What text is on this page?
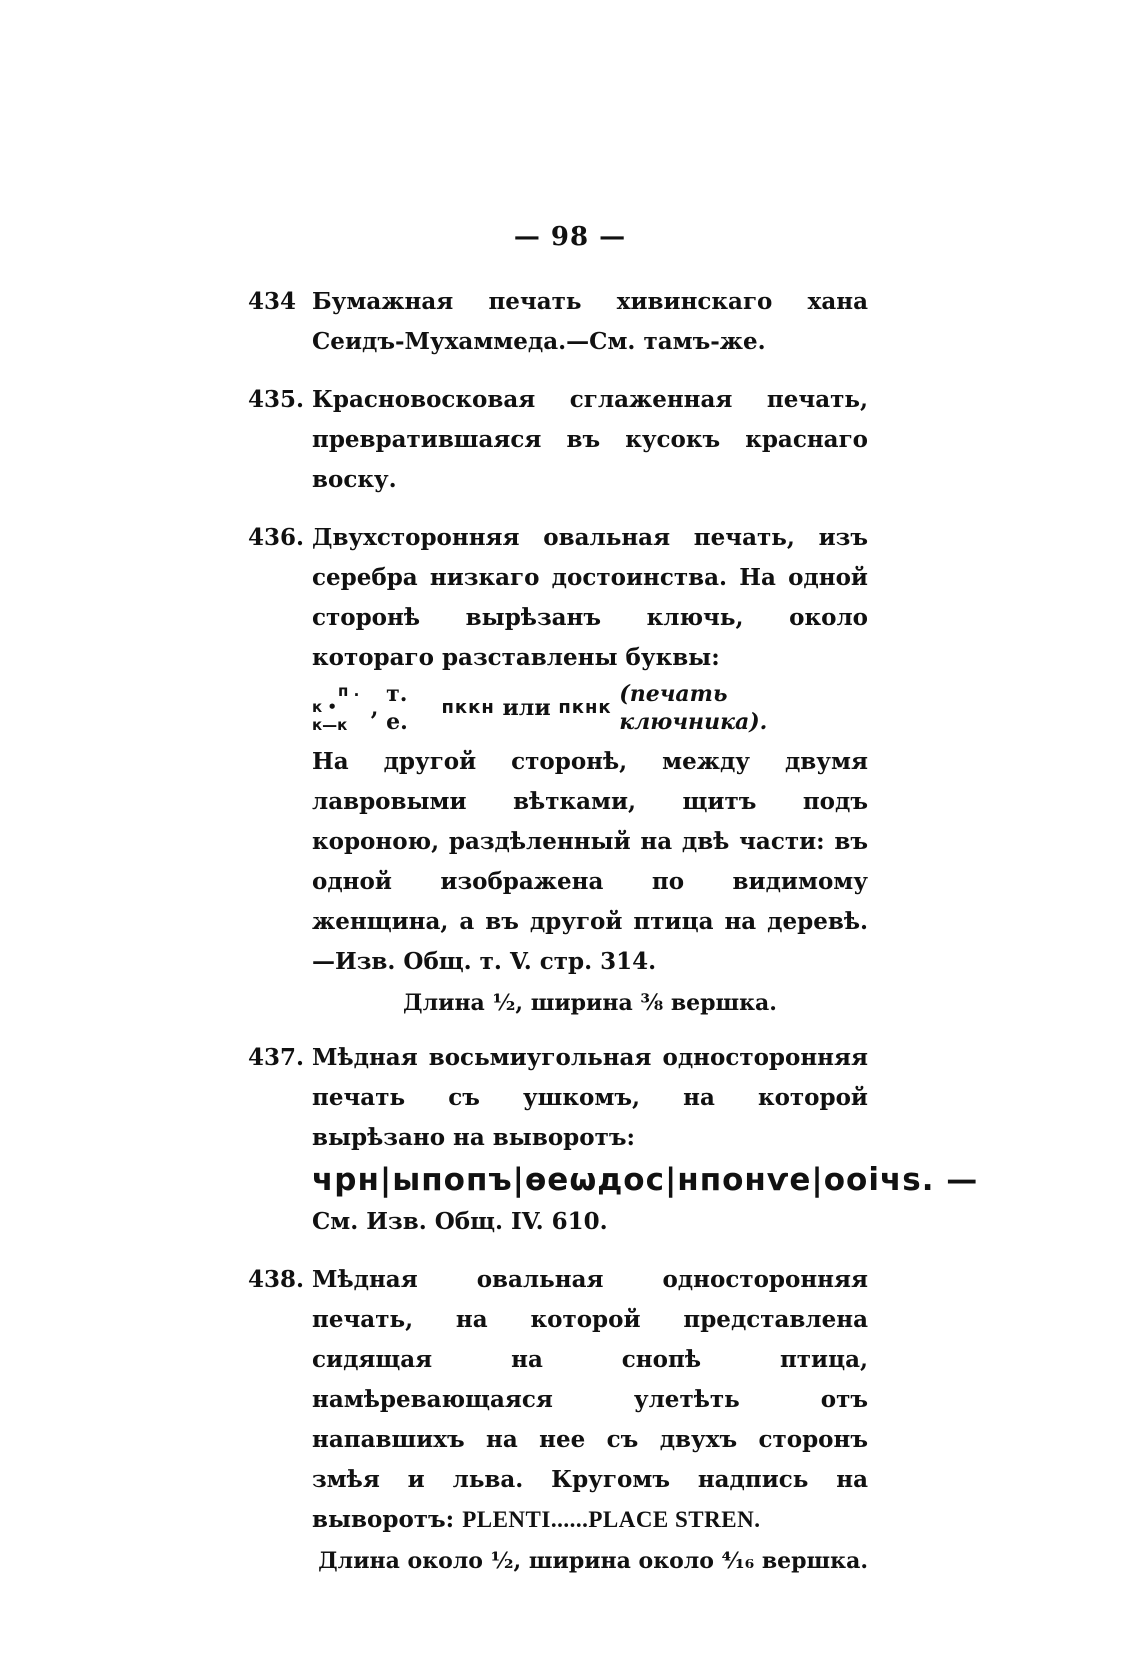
— 98 —
434 Бумажная печать хивинскаго хана Сеидъ-Мухаммеда.—См. тамъ-же.
435. Красновосковая сглаженная печать, превратившаяся въ кусокъ краснаго воску.
436. Двухсторонняя овальная печать, изъ серебра низкаго достоинства. На одной сторонѣ вырѣзанъ ключь, около котораго разставлены буквы:
п .
к •
к—к
,

т. е.

пккн
или
пкнк

(печать ключника).
На другой сторонѣ, между двумя лавровыми вѣтками, щитъ подъ короною, раздѣленный на двѣ части: въ одной изображена по видимому женщина, а въ другой птица на деревѣ.—Изв. Общ. т. V. стр. 314.
Длина ½, ширина ⅜ вершка.
437. Мѣдная восьмиугольная односторонняя печать съ ушкомъ, на которой вырѣзано на выворотъ:
чрн|ыпопъ|ѳеѡдос|нпонѵе|ооічs. —
См. Изв. Общ. IV. 610.
438. Мѣдная овальная односторонняя печать, на которой представлена сидящая на снопѣ птица, намѣревающаяся улетѣть отъ напавшихъ на нее съ двухъ сторонъ змѣя и льва. Кругомъ надпись на выворотъ: PLENTI......PLACE STREN.
Длина около ½, ширина около ⁴⁄₁₆ вершка.
